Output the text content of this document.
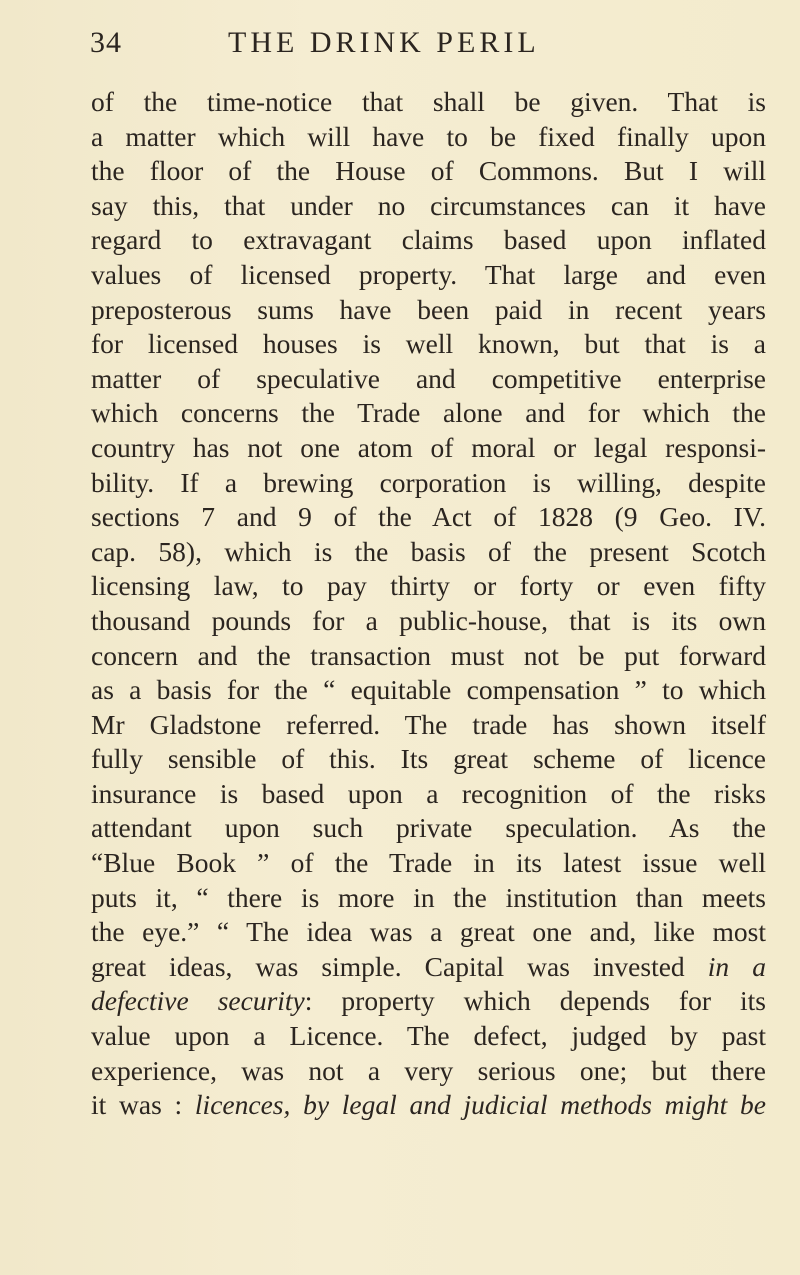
34	THE DRINK PERIL
of the time-notice that shall be given. That is
a matter which will have to be fixed finally upon
the floor of the House of Commons. But I will
say this, that under no circumstances can it have
regard to extravagant claims based upon inflated
values of licensed property. That large and even
preposterous sums have been paid in recent years
for licensed houses is well known, but that is a
matter of speculative and competitive enterprise
which concerns the Trade alone and for which the
country has not one atom of moral or legal responsi-
bility. If a brewing corporation is willing, despite
sections 7 and 9 of the Act of 1828 (9 Geo. IV.
cap. 58), which is the basis of the present Scotch
licensing law, to pay thirty or forty or even fifty
thousand pounds for a public-house, that is its own
concern and the transaction must not be put forward
as a basis for the “ equitable compensation ” to which
Mr Gladstone referred. The trade has shown itself
fully sensible of this. Its great scheme of licence
insurance is based upon a recognition of the risks
attendant upon such private speculation. As the
“Blue Book ” of the Trade in its latest issue well
puts it, “ there is more in the institution than meets
the eye.” “ The idea was a great one and, like most
great ideas, was simple. Capital was invested in a
defective security: property which depends for its
value upon a Licence. The defect, judged by past
experience, was not a very serious one; but there
it was : licences, by legal and judicial methods might be
